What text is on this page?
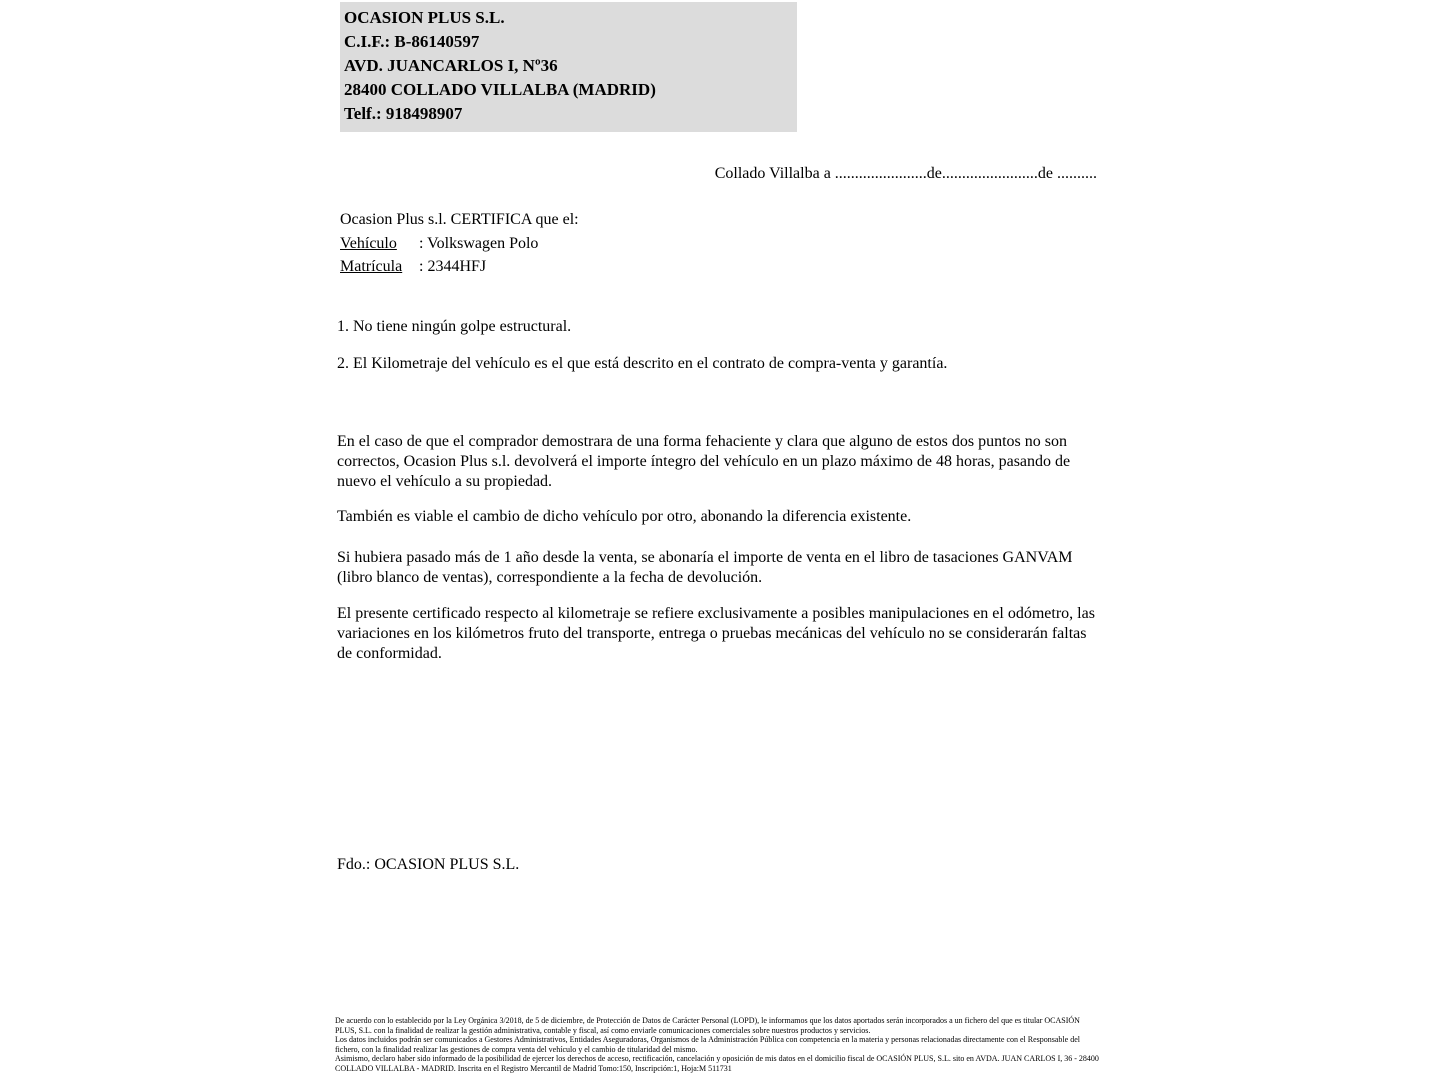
OCASION PLUS S.L.
C.I.F.: B-86140597
AVD. JUANCARLOS I, Nº36
28400 COLLADO VILLALBA (MADRID)
Telf.: 918498907
Collado Villalba a .......................de........................de ..........
Ocasion Plus s.l. CERTIFICA que el:
Vehículo : Volkswagen Polo
Matrícula : 2344HFJ
1. No tiene ningún golpe estructural.
2. El Kilometraje del vehículo es el que está descrito en el contrato de compra-venta y garantía.
En el caso de que el comprador demostrara de una forma fehaciente y clara que alguno de estos dos puntos no son correctos, Ocasion Plus s.l. devolverá el importe íntegro del vehículo en un plazo máximo de 48 horas, pasando de nuevo el vehículo a su propiedad.
También es viable el cambio de dicho vehículo por otro, abonando la diferencia existente.
Si hubiera pasado más de 1 año desde la venta, se abonaría el importe de venta en el libro de tasaciones GANVAM (libro blanco de ventas), correspondiente a la fecha de devolución.
El presente certificado respecto al kilometraje se refiere exclusivamente a posibles manipulaciones en el odómetro, las variaciones en los kilómetros fruto del transporte, entrega o pruebas mecánicas del vehículo no se considerarán faltas de conformidad.
Fdo.: OCASION PLUS S.L.
De acuerdo con lo establecido por la Ley Orgánica 3/2018, de 5 de diciembre, de Protección de Datos de Carácter Personal (LOPD), le informamos que los datos aportados serán incorporados a un fichero del que es titular OCASIÓN PLUS, S.L. con la finalidad de realizar la gestión administrativa, contable y fiscal, así como enviarle comunicaciones comerciales sobre nuestros productos y servicios.
Los datos incluidos podrán ser comunicados a Gestores Administrativos, Entidades Aseguradoras, Organismos de la Administración Pública con competencia en la materia y personas relacionadas directamente con el Responsable del fichero, con la finalidad realizar las gestiones de compra venta del vehículo y el cambio de titularidad del mismo.
Asimismo, declaro haber sido informado de la posibilidad de ejercer los derechos de acceso, rectificación, cancelación y oposición de mis datos en el domicilio fiscal de OCASIÓN PLUS, S.L. sito en AVDA. JUAN CARLOS I, 36 - 28400 COLLADO VILLALBA - MADRID. Inscrita en el Registro Mercantil de Madrid Tomo:150, Inscripción:1, Hoja:M 511731
